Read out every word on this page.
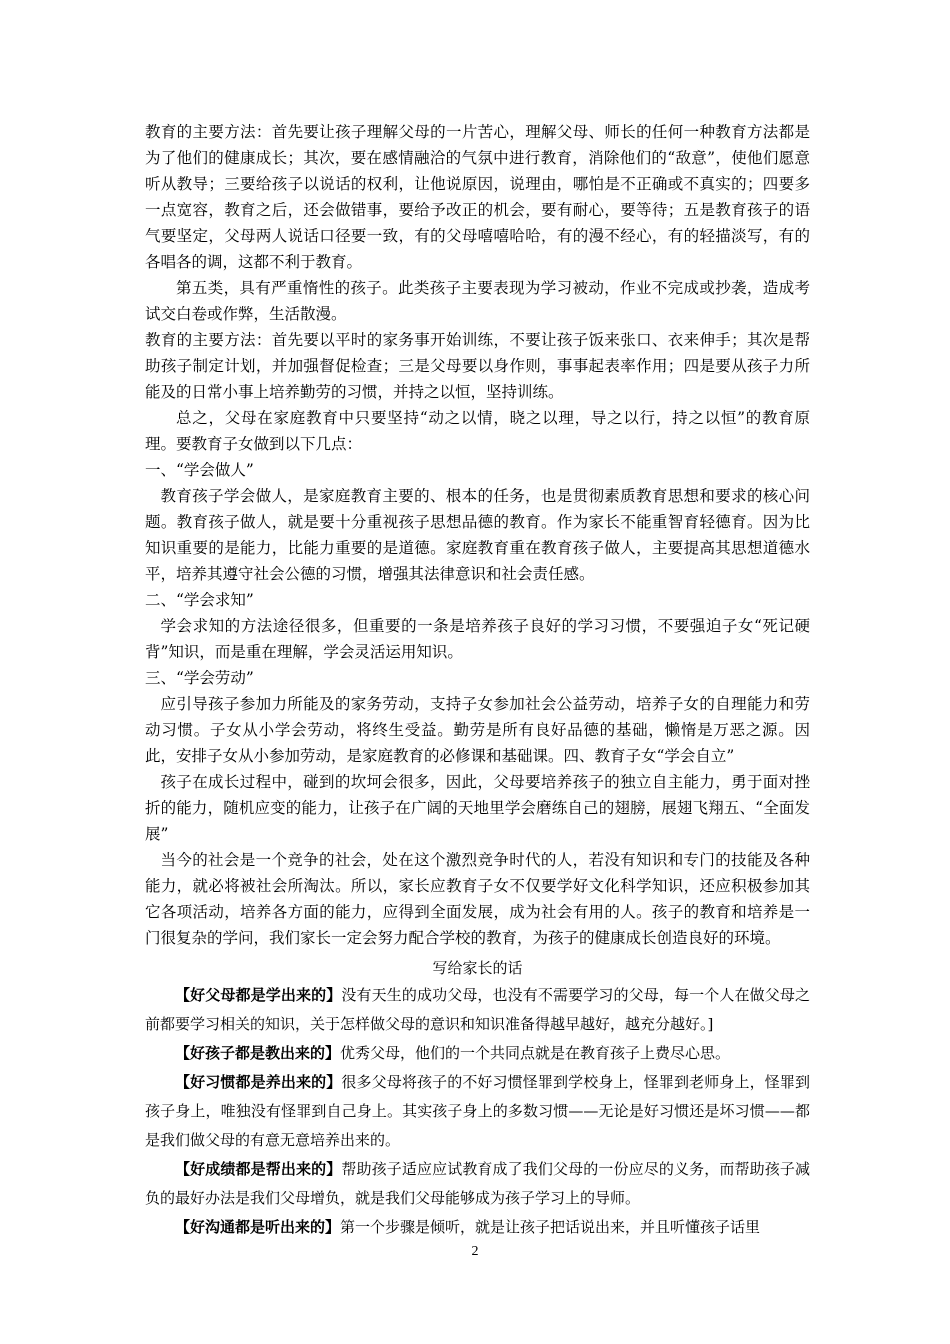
教育的主要方法：首先要让孩子理解父母的一片苦心，理解父母、师长的任何一种教育方法都是为了他们的健康成长；其次，要在感情融洽的气氛中进行教育，消除他们的“敌意”，使他们愿意听从教导；三要给孩子以说话的权利，让他说原因，说理由，哪怕是不正确或不真实的；四要多一点宽容，教育之后，还会做错事，要给予改正的机会，要有耐心，要等待；五是教育孩子的语气要坚定，父母两人说话口径要一致，有的父母嘻嘻哈哈，有的漫不经心，有的轻描淡写，有的各唱各的调，这都不利于教育。

第五类，具有严重惰性的孩子。此类孩子主要表现为学习被动，作业不完成或抄袭，造成考试交白卷或作弊，生活散漫。

教育的主要方法：首先要以平时的家务事开始训练，不要让孩子饭来张口、衣来伸手；其次是帮助孩子制定计划，并加强督促检查；三是父母要以身作则，事事起表率作用；四是要从孩子力所能及的日常小事上培养勤劳的习惯，并持之以恒，坚持训练。

总之，父母在家庭教育中只要坚持“动之以情，晓之以理，导之以行，持之以恒”的教育原理。要教育子女做到以下几点：

一、“学会做人”

教育孩子学会做人，是家庭教育主要的、根本的任务，也是贯彻素质教育思想和要求的核心问题。教育孩子做人，就是要十分重视孩子思想品德的教育。作为家长不能重智育轻德育。因为比知识重要的是能力，比能力重要的是道德。家庭教育重在教育孩子做人，主要提高其思想道德水平，培养其遵守社会公德的习惯，增强其法律意识和社会责任感。

二、“学会求知”

学会求知的方法途径很多，但重要的一条是培养孩子良好的学习习惯，不要强迫子女“死记硬背”知识，而是重在理解，学会灵活运用知识。

三、“学会劳动”

应引导孩子参加力所能及的家务劳动，支持子女参加社会公益劳动，培养子女的自理能力和劳动习惯。子女从小学会劳动，将终生受益。勤劳是所有良好品德的基础，懒惰是万恶之源。因此，安排子女从小参加劳动，是家庭教育的必修课和基础课。四、教育子女“学会自立”

孩子在成长过程中，碰到的坎坷会很多，因此，父母要培养孩子的独立自主能力，勇于面对挫折的能力，随机应变的能力，让孩子在广阔的天地里学会磨练自己的翅膀，展翅飞翔五、“全面发展”

当今的社会是一个竞争的社会，处在这个激烈竞争时代的人，若没有知识和专门的技能及各种能力，就必将被社会所淘汰。所以，家长应教育子女不仅要学好文化科学知识，还应积极参加其它各项活动，培养各方面的能力，应得到全面发展，成为社会有用的人。孩子的教育和培养是一门很复杂的学问，我们家长一定会努力配合学校的教育，为孩子的健康成长创造良好的环境。

写给家长的话

【好父母都是学出来的】没有天生的成功父母，也没有不需要学习的父母，每一个人在做父母之前都要学习相关的知识，关于怎样做父母的意识和知识准备得越早越好，越充分越好。]

【好孩子都是教出来的】优秀父母，他们的一个共同点就是在教育孩子上费尽心思。

【好习惯都是养出来的】很多父母将孩子的不好习惯怪罪到学校身上，怪罪到老师身上，怪罪到孩子身上，唯独没有怪罪到自己身上。其实孩子身上的多数习惯——无论是好习惯还是坏习惯——都是我们做父母的有意无意培养出来的。

【好成绩都是帮出来的】帮助孩子适应应试教育成了我们父母的一份应尽的义务，而帮助孩子减负的最好办法是我们父母增负，就是我们父母能够成为孩子学习上的导师。

【好沟通都是听出来的】第一个步骤是倾听，就是让孩子把话说出来，并且听懂孩子话里

2
